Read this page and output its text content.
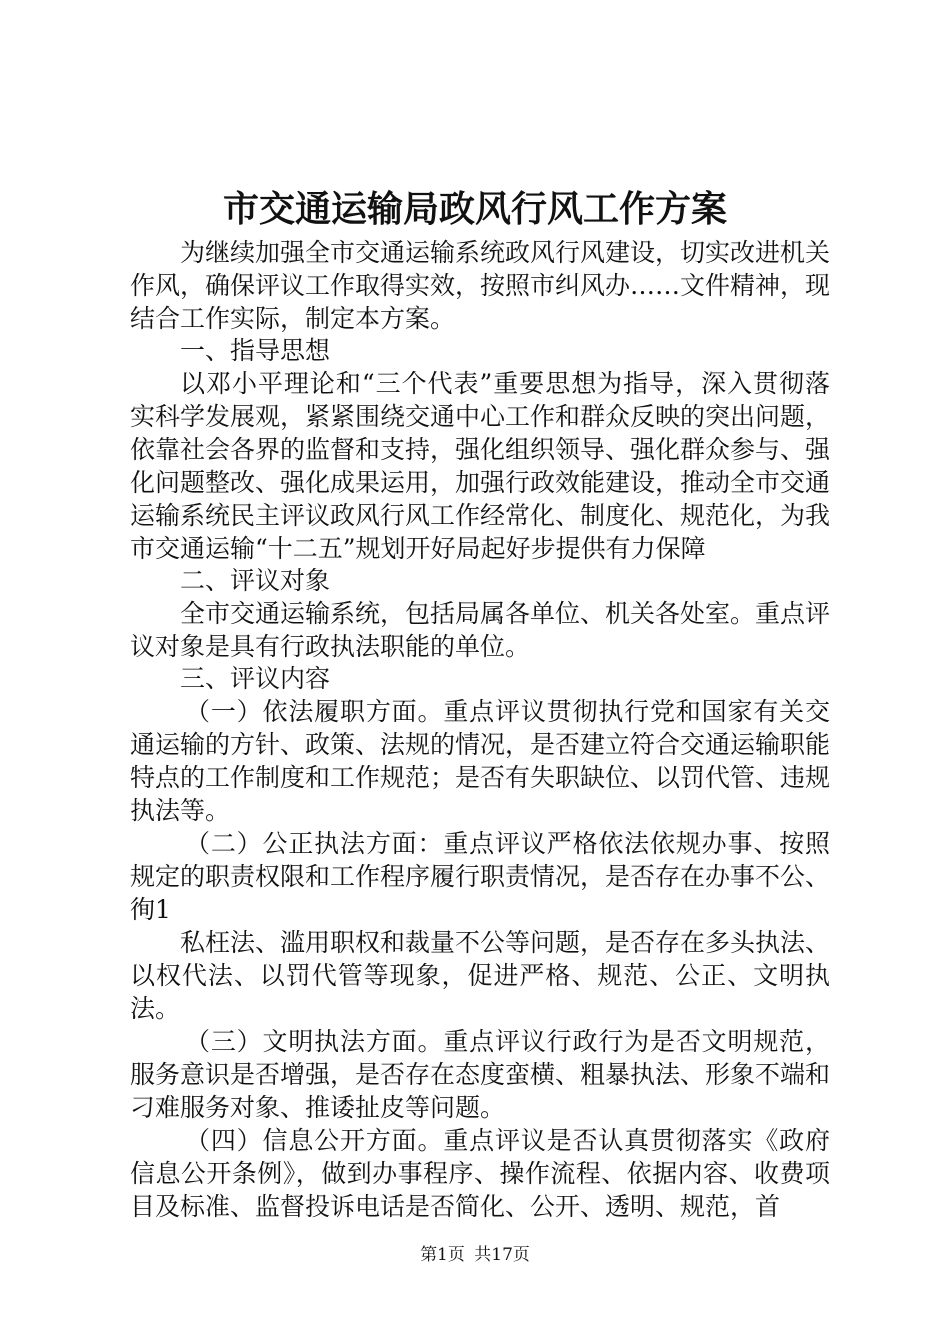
市交通运输局政风行风工作方案

为继续加强全市交通运输系统政风行风建设，切实改进机关作风，确保评议工作取得实效，按照市纠风办……文件精神，现结合工作实际，制定本方案。

一、指导思想

以邓小平理论和“三个代表”重要思想为指导，深入贯彻落实科学发展观，紧紧围绕交通中心工作和群众反映的突出问题，依靠社会各界的监督和支持，强化组织领导、强化群众参与、强化问题整改、强化成果运用，加强行政效能建设，推动全市交通运输系统民主评议政风行风工作经常化、制度化、规范化，为我市交通运输“十二五”规划开好局起好步提供有力保障

二、评议对象

全市交通运输系统，包括局属各单位、机关各处室。重点评议对象是具有行政执法职能的单位。

三、评议内容

（一）依法履职方面。重点评议贯彻执行党和国家有关交通运输的方针、政策、法规的情况，是否建立符合交通运输职能特点的工作制度和工作规范；是否有失职缺位、以罚代管、违规执法等。

（二）公正执法方面：重点评议严格依法依规办事、按照规定的职责权限和工作程序履行职责情况，是否存在办事不公、徇1

私枉法、滥用职权和裁量不公等问题，是否存在多头执法、以权代法、以罚代管等现象，促进严格、规范、公正、文明执法。

（三）文明执法方面。重点评议行政行为是否文明规范，服务意识是否增强，是否存在态度蛮横、粗暴执法、形象不端和刁难服务对象、推诿扯皮等问题。

（四）信息公开方面。重点评议是否认真贯彻落实《政府信息公开条例》，做到办事程序、操作流程、依据内容、收费项目及标准、监督投诉电话是否简化、公开、透明、规范，首

第1页 共17页
